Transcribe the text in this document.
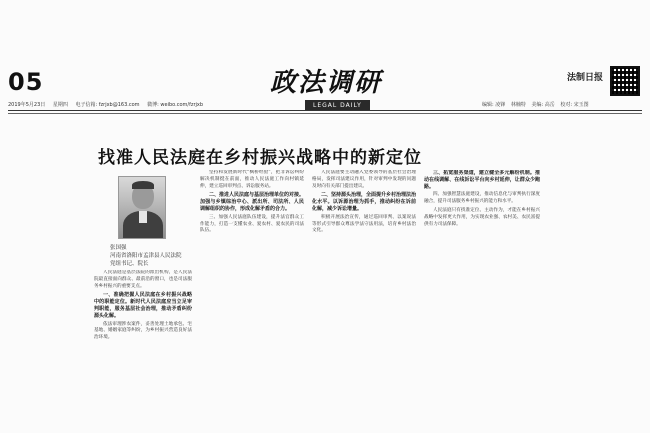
05
2019年5月23日 星期四 电子信箱: fzrjxb@163.com 微博: weibo.com/fzrjxb
政法调研
LEGAL DAILY
法制日报
编辑: 凌锋 林楠特 美编: 高岳 校对: 宋玉图
找准人民法庭在乡村振兴战略中的新定位
张国强
河南省洛阳市孟津县人民法院
党组书记、院长

人民法庭是基层法院的派出机构，是人民法院最直接面向群众、最前沿的窗口，也是司法服务乡村振兴的重要支点。

一、准确把握人民法庭在乡村振兴战略中的职能定位。新时代人民法庭应当立足审判职能，服务基层社会治理，推动矛盾纠纷源头化解。

依法审理涉农案件，妥善处理土地承包、宅基地、婚姻家庭等纠纷，为乡村振兴营造良好法治环境。

坚持和发展新时代“枫桥经验”，把非诉讼纠纷解决机制挺在前面，推动人民法庭工作向村镇延伸，建立巡回审判点、诉讼服务站。

二、推进人民法庭与基层治理单位的对接。加强与乡镇综治中心、派出所、司法所、人民调解组织的协作，形成化解矛盾的合力。

三、加强人民法庭队伍建设，提升法官群众工作能力，打造一支懂农业、爱农村、爱农民的司法队伍。

人民法庭要主动融入党委领导的基层社会治理格局，发挥司法建议作用，针对审判中发现的问题及时向有关部门提出建议。

二、坚持源头治理，全面提升乡村治理法治化水平。以诉源治理为抓手，推动纠纷在诉前化解，减少诉讼增量。

积极开展法治宣传，通过巡回审判、以案说法等形式引导群众尊法学法守法用法，培育乡村法治文化。

三、拓宽服务渠道，建立健全多元解纷机制。推动在线调解、在线诉讼平台向乡村延伸，让群众少跑路。

四、加强智慧法庭建设，推动信息化与审判执行深度融合，提升司法服务乡村振兴的能力和水平。

人民法庭只有找准定位、主动作为，才能在乡村振兴战略中发挥更大作用，为实现农业强、农村美、农民富提供有力司法保障。
